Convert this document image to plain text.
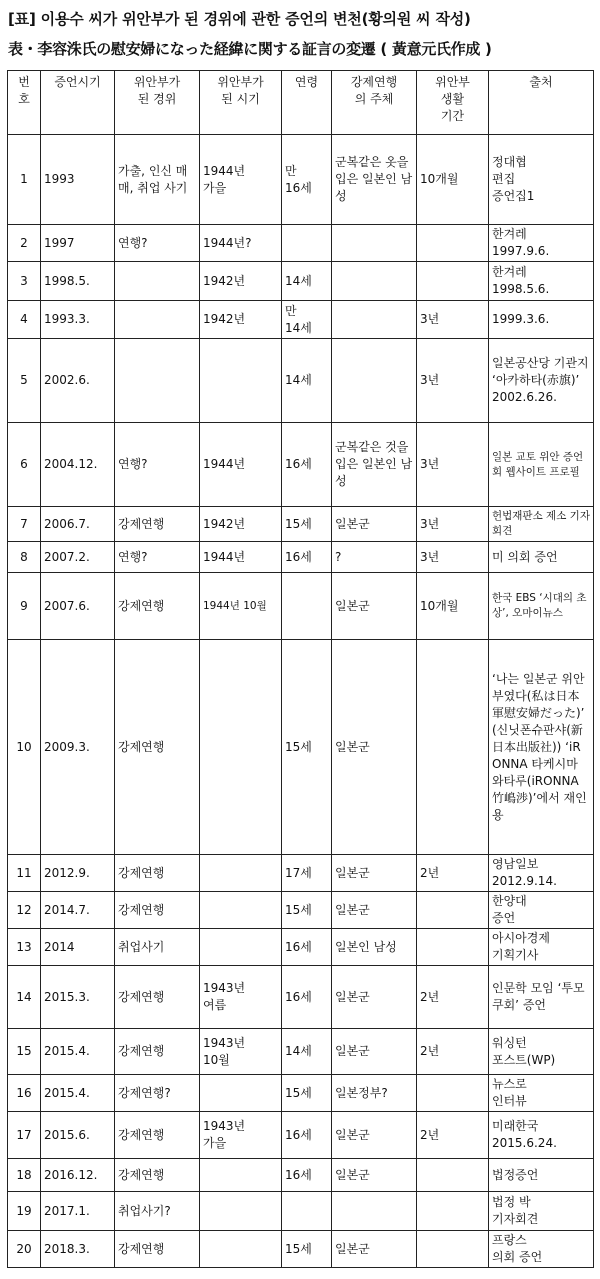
[표] 이용수 씨가 위안부가 된 경위에 관한 증언의 변천(황의원 씨 작성)
表・李容洙氏の慰安婦になった経緯に関する証言の変遷 ( 黃意元氏作成 )
번
호	증언시기	위안부가
된 경위	위안부가
된 시기	연령	강제연행
의 주체	위안부
생활
기간	출처

1	1993	가출, 인신 매매, 취업 사기	1944년
가을	만
16세	군복같은 옷을 입은 일본인 남성	10개월	정대협
편집
증언집1

2	1997	연행?	1944년?				한겨레
1997.9.6.

3	1998.5.		1942년	14세			한겨레
1998.5.6.

4	1993.3.		1942년	만
14세		3년	1999.3.6.

5	2002.6.			14세		3년	일본공산당 기관지 ‘아카하타(赤旗)’
2002.6.26.

6	2004.12.	연행?	1944년	16세	군복같은 것을 입은 일본인 남성	3년	일본 교토 위안 증언회 웹사이트 프로필

7	2006.7.	강제연행	1942년	15세	일본군	3년	헌법재판소 제소 기자회견

8	2007.2.	연행?	1944년	16세	?	3년	미 의회 증언

9	2007.6.	강제연행	1944년 10월		일본군	10개월	한국 EBS ‘시대의 초상’, 오마이뉴스

10	2009.3.	강제연행		15세	일본군		‘나는 일본군 위안부였다(私は日本軍慰安婦だった)’ (신닛폰슈판샤(新日本出版社)) ‘iRONNA 타케시마 와타루(iRONNA 竹嶋渉)’에서 재인용

11	2012.9.	강제연행		17세	일본군	2년	영남일보
2012.9.14.

12	2014.7.	강제연행		15세	일본군		한양대
증언

13	2014	취업사기		16세	일본인 남성		아시아경제
기획기사

14	2015.3.	강제연행	1943년
여름	16세	일본군	2년	인문학 모임 ‘투모쿠회’ 증언

15	2015.4.	강제연행	1943년
10월	14세	일본군	2년	워싱턴
포스트(WP)

16	2015.4.	강제연행?		15세	일본정부?		뉴스로
인터뷰

17	2015.6.	강제연행	1943년
가을	16세	일본군	2년	미래한국
2015.6.24.

18	2016.12.	강제연행		16세	일본군		법정증언

19	2017.1.	취업사기?					법정 박
기자회견

20	2018.3.	강제연행		15세	일본군		프랑스
의회 증언
